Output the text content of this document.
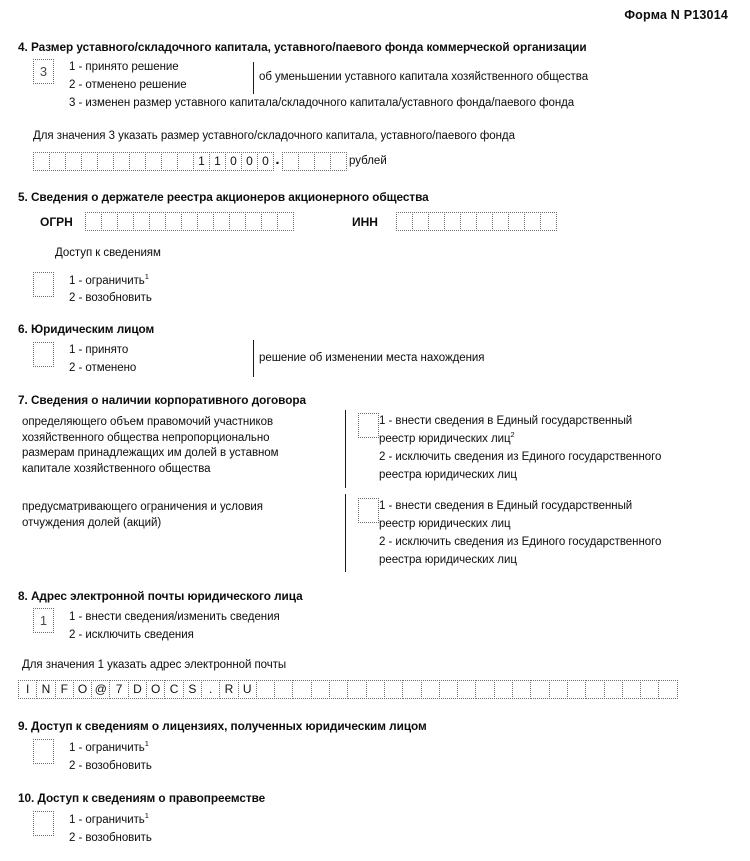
Форма N Р13014
4. Размер уставного/складочного капитала, уставного/паевого фонда коммерческой организации
3	1 - принято решение
2 - отменено решение
3 - изменен размер уставного капитала/складочного капитала/уставного фонда/паевого фонда
об уменьшении уставного капитала хозяйственного общества
Для значения 3 указать размер уставного/складочного капитала, уставного/паевого фонда
1 1 0 0 0 .	рублей
5. Сведения о держателе реестра акционеров акционерного общества
ОГРН	ИНН
Доступ к сведениям
1 - ограничить$^1$
2 - возобновить
6. Юридическим лицом
1 - принято
2 - отменено
решение об изменении места нахождения
7. Сведения о наличии корпоративного договора
определяющего объем правомочий участников хозяйственного общества непропорционально размерам принадлежащих им долей в уставном капитале хозяйственного общества
1 - внести сведения в Единый государственный
реестр юридических лиц$^2$
2 - исключить сведения из Единого государственного
реестра юридических лиц
предусматривающего ограничения и условия отчуждения долей (акций)
1 - внести сведения в Единый государственный
реестр юридических лиц
2 - исключить сведения из Единого государственного
реестра юридических лиц
8. Адрес электронной почты юридического лица
1	1 - внести сведения/изменить сведения
2 - исключить сведения
Для значения 1 указать адрес электронной почты
I	N F O @ 7 D O C S	.	R U
9. Доступ к сведениям о лицензиях, полученных юридическим лицом
1 - ограничить$^1$
2 - возобновить
10. Доступ к сведениям о правопреемстве
1 - ограничить$^1$
2 - возобновить
